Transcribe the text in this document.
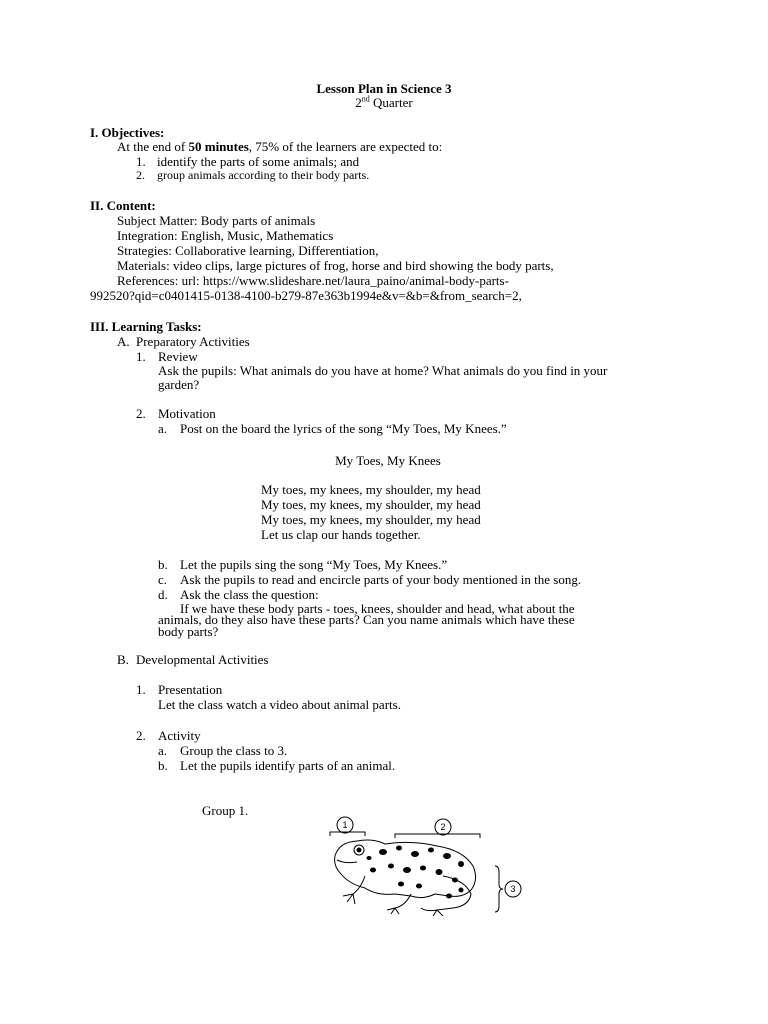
Lesson Plan in Science 3
2nd Quarter
I. Objectives:
At the end of 50 minutes, 75% of the learners are expected to:
1. identify the parts of some animals; and
2. group animals according to their body parts.
II. Content:
Subject Matter: Body parts of animals
Integration: English, Music, Mathematics
Strategies: Collaborative learning, Differentiation,
Materials: video clips, large pictures of frog, horse and bird showing the body parts,
References: url: https://www.slideshare.net/laura_paino/animal-body-parts-
992520?qid=c0401415-0138-4100-b279-87e363b1994e&v=&b=&from_search=2,
III. Learning Tasks:
A. Preparatory Activities
1. Review
Ask the pupils: What animals do you have at home? What animals do you find in your
garden?
2. Motivation
a. Post on the board the lyrics of the song “My Toes, My Knees.”
My Toes, My Knees
My toes, my knees, my shoulder, my head
My toes, my knees, my shoulder, my head
My toes, my knees, my shoulder, my head
Let us clap our hands together.
b. Let the pupils sing the song “My Toes, My Knees.”
c. Ask the pupils to read and encircle parts of your body mentioned in the song.
d. Ask the class the question:
If we have these body parts - toes, knees, shoulder and head, what about the
animals, do they also have these parts? Can you name animals which have these
body parts?
B. Developmental Activities
1. Presentation
Let the class watch a video about animal parts.
2. Activity
a. Group the class to 3.
b. Let the pupils identify parts of an animal.
Group 1.
1	2
3
